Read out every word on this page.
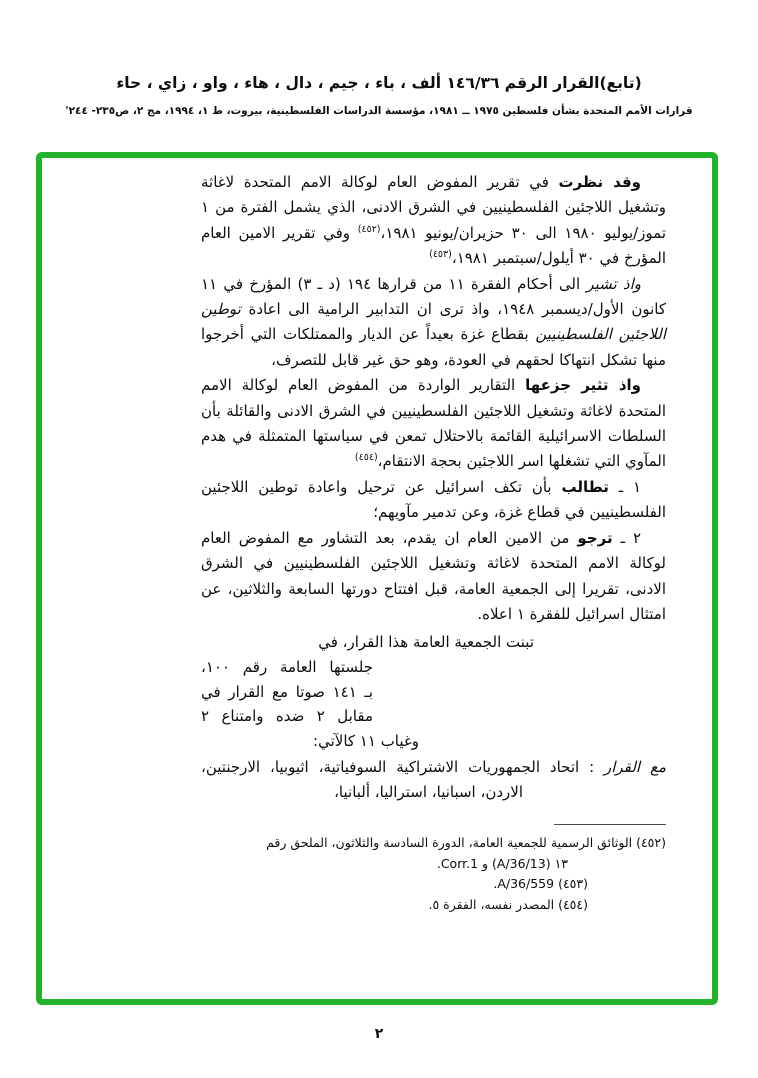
(تابع)القرار الرقم ١٤٦/٣٦ ألف ، باء ، جيم ، دال ، هاء ، واو ، زاي ، حاء
قرارات الأمم المتحدة بشأن فلسطين ١٩٧٥ ــ ١٩٨١، مؤسسة الدراسات الفلسطينية، بيروت، ط ١، ١٩٩٤، مج ٢، ص٢٣٥- ٢٤٤'

وقد نظرت في تقرير المفوض العام لوكالة الامم المتحدة لاغاثة وتشغيل اللاجئين الفلسطينيين في الشرق الادنى، الذي يشمل الفترة من ١ تموز/يوليو ١٩٨٠ الى ٣٠ حزيران/يونيو ١٩٨١،$^{(٤٥٢)}$ وفي تقرير الامين العام المؤرخ في ٣٠ أيلول/سبتمبر ١٩٨١،$^{(٤٥٣)}$

واذ تشير الى أحكام الفقرة ١١ من قرارها ١٩٤ (د ـ ٣) المؤرخ في ١١ كانون الأول/ديسمبر ١٩٤٨، واذ ترى ان التدابير الرامية الى اعادة توطين اللاجئين الفلسطينيين بقطاع غزة بعيداً عن الديار والممتلكات التي أخرجوا منها تشكل انتهاكا لحقهم في العودة، وهو حق غير قابل للتصرف،

واذ تثير جزعها التقارير الواردة من المفوض العام لوكالة الامم المتحدة لاغاثة وتشغيل اللاجئين الفلسطينيين في الشرق الادنى والقائلة بأن السلطات الاسرائيلية القائمة بالاحتلال تمعن في سياستها المتمثلة في هدم المآوي التي تشغلها اسر اللاجئين بحجة الانتقام،$^{(٤٥٤)}$

١ ـ تطالب بأن تكف اسرائيل عن ترحيل واعادة توطين اللاجئين الفلسطينيين في قطاع غزة، وعن تدمير مآويهم؛

٢ ـ ترجو من الامين العام ان يقدم، بعد التشاور مع المفوض العام لوكالة الامم المتحدة لاغاثة وتشغيل اللاجئين الفلسطينيين في الشرق الادنى، تقريرا إلى الجمعية العامة، قبل افتتاح دورتها السابعة والثلاثين، عن امتثال اسرائيل للفقرة ١ اعلاه.

تبنت الجمعية العامة هذا القرار، في
جلستها العامة رقم ١٠٠،
بـ ١٤١ صوتا مع القرار في
مقابل ٢ ضده وامتناع ٢
وغياب ١١ كالآتي:
مع القرار : اتحاد الجمهوريات الاشتراكية السوفياتية، اثيوبيا، الارجنتين، الاردن، اسبانيا، استراليا، ألبانيا،
(٤٥٢) الوثائق الرسمية للجمعية العامة، الدورة السادسة والثلاثون، الملحق رقم
١٣ (A/36/13) و Corr.1.
(٤٥٣) A/36/559.
(٤٥٤) المصدر نفسه، الفقرة ٥.
٢
